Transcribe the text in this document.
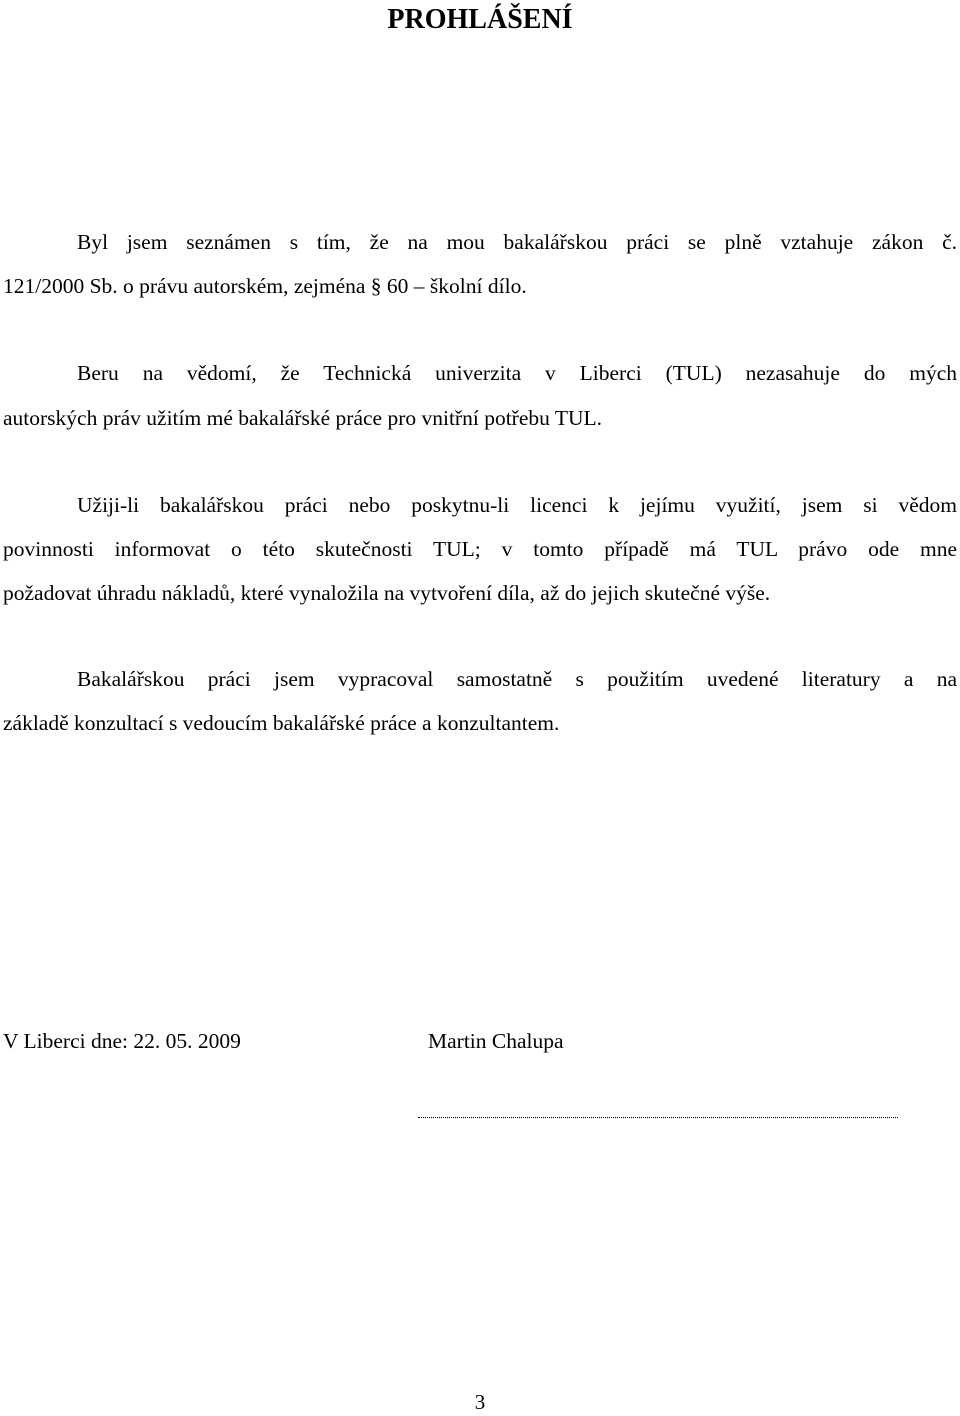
PROHLÁŠENÍ
Byl jsem seznámen s tím, že na mou bakalářskou práci se plně vztahuje zákon č.
121/2000 Sb. o právu autorském, zejména § 60 – školní dílo.
Beru na vědomí, že Technická univerzita v Liberci (TUL) nezasahuje do mých
autorských práv užitím mé bakalářské práce pro vnitřní potřebu TUL.
Užiji-li bakalářskou práci nebo poskytnu-li licenci k jejímu využití, jsem si vědom
povinnosti informovat o této skutečnosti TUL; v tomto případě má TUL právo ode mne
požadovat úhradu nákladů, které vynaložila na vytvoření díla, až do jejich skutečné výše.
Bakalářskou práci jsem vypracoval samostatně s použitím uvedené literatury a na
základě konzultací s vedoucím bakalářské práce a konzultantem.
V Liberci dne: 22. 05. 2009	Martin Chalupa
3
